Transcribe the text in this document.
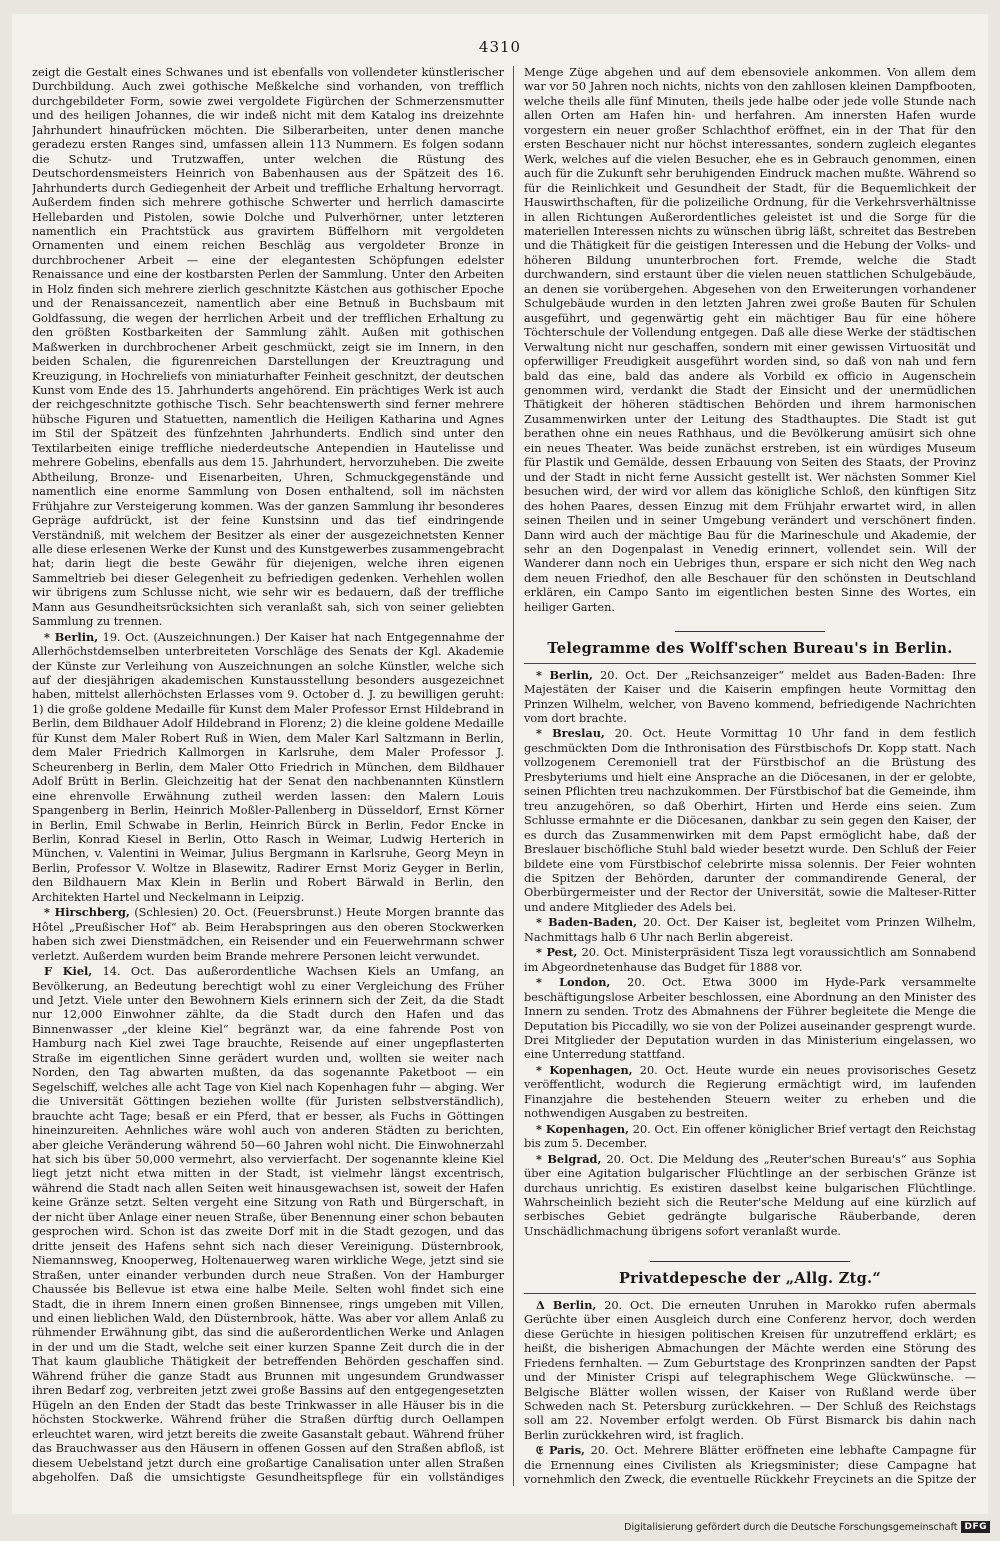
4310

zeigt die Gestalt eines Schwanes und ist ebenfalls von vollendeter künstlerischer Durchbildung. Auch zwei gothische Meßkelche sind vorhanden, von trefflich durchgebildeter Form, sowie zwei vergoldete Figürchen der Schmerzensmutter und des heiligen Johannes, die wir indeß nicht mit dem Katalog ins dreizehnte Jahrhundert hinaufrücken möchten. Die Silberarbeiten, unter denen manche geradezu ersten Ranges sind, umfassen allein 113 Nummern. Es folgen sodann die Schutz- und Trutzwaffen, unter welchen die Rüstung des Deutschordensmeisters Heinrich von Babenhausen aus der Spätzeit des 16. Jahrhunderts durch Gediegenheit der Arbeit und treffliche Erhaltung hervorragt. Außerdem finden sich mehrere gothische Schwerter und herrlich damascirte Hellebarden und Pistolen, sowie Dolche und Pulverhörner, unter letzteren namentlich ein Prachtstück aus gravirtem Büffelhorn mit vergoldeten Ornamenten und einem reichen Beschläg aus vergoldeter Bronze in durchbrochener Arbeit — eine der elegantesten Schöpfungen edelster Renaissance und eine der kostbarsten Perlen der Sammlung. Unter den Arbeiten in Holz finden sich mehrere zierlich geschnitzte Kästchen aus gothischer Epoche und der Renaissancezeit, namentlich aber eine Betnuß in Buchsbaum mit Goldfassung, die wegen der herrlichen Arbeit und der trefflichen Erhaltung zu den größten Kostbarkeiten der Sammlung zählt. Außen mit gothischen Maßwerken in durchbrochener Arbeit geschmückt, zeigt sie im Innern, in den beiden Schalen, die figurenreichen Darstellungen der Kreuztragung und Kreuzigung, in Hochreliefs von miniaturhafter Feinheit geschnitzt, der deutschen Kunst vom Ende des 15. Jahrhunderts angehörend. Ein prächtiges Werk ist auch der reichgeschnitzte gothische Tisch. Sehr beachtenswerth sind ferner mehrere hübsche Figuren und Statuetten, namentlich die Heiligen Katharina und Agnes im Stil der Spätzeit des fünfzehnten Jahrhunderts. Endlich sind unter den Textilarbeiten einige treffliche niederdeutsche Antependien in Hautelisse und mehrere Gobelins, ebenfalls aus dem 15. Jahrhundert, hervorzuheben. Die zweite Abtheilung, Bronze- und Eisenarbeiten, Uhren, Schmuckgegenstände und namentlich eine enorme Sammlung von Dosen enthaltend, soll im nächsten Frühjahre zur Versteigerung kommen. Was der ganzen Sammlung ihr besonderes Gepräge aufdrückt, ist der feine Kunstsinn und das tief eindringende Verständniß, mit welchem der Besitzer als einer der ausgezeichnetsten Kenner alle diese erlesenen Werke der Kunst und des Kunstgewerbes zusammengebracht hat; darin liegt die beste Gewähr für diejenigen, welche ihren eigenen Sammeltrieb bei dieser Gelegenheit zu befriedigen gedenken. Verhehlen wollen wir übrigens zum Schlusse nicht, wie sehr wir es bedauern, daß der treffliche Mann aus Gesundheitsrücksichten sich veranlaßt sah, sich von seiner geliebten Sammlung zu trennen.

* Berlin, 19. Oct. (Auszeichnungen.) Der Kaiser hat nach Entgegennahme der Allerhöchstdemselben unterbreiteten Vorschläge des Senats der Kgl. Akademie der Künste zur Verleihung von Auszeichnungen an solche Künstler, welche sich auf der diesjährigen akademischen Kunstausstellung besonders ausgezeichnet haben, mittelst allerhöchsten Erlasses vom 9. October d. J. zu bewilligen geruht: 1) die große goldene Medaille für Kunst dem Maler Professor Ernst Hildebrand in Berlin, dem Bildhauer Adolf Hildebrand in Florenz; 2) die kleine goldene Medaille für Kunst dem Maler Robert Ruß in Wien, dem Maler Karl Saltzmann in Berlin, dem Maler Friedrich Kallmorgen in Karlsruhe, dem Maler Professor J. Scheurenberg in Berlin, dem Maler Otto Friedrich in München, dem Bildhauer Adolf Brütt in Berlin. Gleichzeitig hat der Senat den nachbenannten Künstlern eine ehrenvolle Erwähnung zutheil werden lassen: den Malern Louis Spangenberg in Berlin, Heinrich Moßler-Pallenberg in Düsseldorf, Ernst Körner in Berlin, Emil Schwabe in Berlin, Heinrich Bürck in Berlin, Fedor Encke in Berlin, Konrad Kiesel in Berlin, Otto Rasch in Weimar, Ludwig Herterich in München, v. Valentini in Weimar, Julius Bergmann in Karlsruhe, Georg Meyn in Berlin, Professor V. Woltze in Blasewitz, Radirer Ernst Moriz Geyger in Berlin, den Bildhauern Max Klein in Berlin und Robert Bärwald in Berlin, den Architekten Hartel und Neckelmann in Leipzig.

* Hirschberg, (Schlesien) 20. Oct. (Feuersbrunst.) Heute Morgen brannte das Hôtel „Preußischer Hof“ ab. Beim Herabspringen aus den oberen Stockwerken haben sich zwei Dienstmädchen, ein Reisender und ein Feuerwehrmann schwer verletzt. Außerdem wurden beim Brande mehrere Personen leicht verwundet.

F Kiel, 14. Oct. Das außerordentliche Wachsen Kiels an Umfang, an Bevölkerung, an Bedeutung berechtigt wohl zu einer Vergleichung des Früher und Jetzt. Viele unter den Bewohnern Kiels erinnern sich der Zeit, da die Stadt nur 12,000 Einwohner zählte, da die Stadt durch den Hafen und das Binnenwasser „der kleine Kiel“ begränzt war, da eine fahrende Post von Hamburg nach Kiel zwei Tage brauchte, Reisende auf einer ungepflasterten Straße im eigentlichen Sinne gerädert wurden und, wollten sie weiter nach Norden, den Tag abwarten mußten, da das sogenannte Paketboot — ein Segelschiff, welches alle acht Tage von Kiel nach Kopenhagen fuhr — abging. Wer die Universität Göttingen beziehen wollte (für Juristen selbstverständlich), brauchte acht Tage; besaß er ein Pferd, that er besser, als Fuchs in Göttingen hineinzureiten. Aehnliches wäre wohl auch von anderen Städten zu berichten, aber gleiche Veränderung während 50—60 Jahren wohl nicht. Die Einwohnerzahl hat sich bis über 50,000 vermehrt, also vervierfacht. Der sogenannte kleine Kiel liegt jetzt nicht etwa mitten in der Stadt, ist vielmehr längst excentrisch, während die Stadt nach allen Seiten weit hinausgewachsen ist, soweit der Hafen keine Gränze setzt. Selten vergeht eine Sitzung von Rath und Bürgerschaft, in der nicht über Anlage einer neuen Straße, über Benennung einer schon bebauten gesprochen wird. Schon ist das zweite Dorf mit in die Stadt gezogen, und das dritte jenseit des Hafens sehnt sich nach dieser Vereinigung. Düsternbrook, Niemannsweg, Knooperweg, Holtenauerweg waren wirkliche Wege, jetzt sind sie Straßen, unter einander verbunden durch neue Straßen. Von der Hamburger Chaussée bis Bellevue ist etwa eine halbe Meile. Selten wohl findet sich eine Stadt, die in ihrem Innern einen großen Binnensee, rings umgeben mit Villen, und einen lieblichen Wald, den Düsternbrook, hätte. Was aber vor allem Anlaß zu rühmender Erwähnung gibt, das sind die außerordentlichen Werke und Anlagen in der und um die Stadt, welche seit einer kurzen Spanne Zeit durch die in der That kaum glaubliche Thätigkeit der betreffenden Behörden geschaffen sind. Während früher die ganze Stadt aus Brunnen mit ungesundem Grundwasser ihren Bedarf zog, verbreiten jetzt zwei große Bassins auf den entgegengesetzten Hügeln an den Enden der Stadt das beste Trinkwasser in alle Häuser bis in die höchsten Stockwerke. Während früher die Straßen dürftig durch Oellampen erleuchtet waren, wird jetzt bereits die zweite Gasanstalt gebaut. Während früher das Brauchwasser aus den Häusern in offenen Gossen auf den Straßen abfloß, ist diesem Uebelstand jetzt durch eine großartige Canalisation unter allen Straßen abgeholfen. Daß die umsichtigste Gesundheitspflege für ein vollständiges

Menge Züge abgehen und auf dem ebensoviele ankommen. Von allem dem war vor 50 Jahren noch nichts, nichts von den zahllosen kleinen Dampfbooten, welche theils alle fünf Minuten, theils jede halbe oder jede volle Stunde nach allen Orten am Hafen hin- und herfahren. Am innersten Hafen wurde vorgestern ein neuer großer Schlachthof eröffnet, ein in der That für den ersten Beschauer nicht nur höchst interessantes, sondern zugleich elegantes Werk, welches auf die vielen Besucher, ehe es in Gebrauch genommen, einen auch für die Zukunft sehr beruhigenden Eindruck machen mußte. Während so für die Reinlichkeit und Gesundheit der Stadt, für die Bequemlichkeit der Hauswirthschaften, für die polizeiliche Ordnung, für die Verkehrsverhältnisse in allen Richtungen Außerordentliches geleistet ist und die Sorge für die materiellen Interessen nichts zu wünschen übrig läßt, schreitet das Bestreben und die Thätigkeit für die geistigen Interessen und die Hebung der Volks- und höheren Bildung ununterbrochen fort. Fremde, welche die Stadt durchwandern, sind erstaunt über die vielen neuen stattlichen Schulgebäude, an denen sie vorübergehen. Abgesehen von den Erweiterungen vorhandener Schulgebäude wurden in den letzten Jahren zwei große Bauten für Schulen ausgeführt, und gegenwärtig geht ein mächtiger Bau für eine höhere Töchterschule der Vollendung entgegen. Daß alle diese Werke der städtischen Verwaltung nicht nur geschaffen, sondern mit einer gewissen Virtuosität und opferwilliger Freudigkeit ausgeführt worden sind, so daß von nah und fern bald das eine, bald das andere als Vorbild ex officio in Augenschein genommen wird, verdankt die Stadt der Einsicht und der unermüdlichen Thätigkeit der höheren städtischen Behörden und ihrem harmonischen Zusammenwirken unter der Leitung des Stadthauptes. Die Stadt ist gut berathen ohne ein neues Rathhaus, und die Bevölkerung amüsirt sich ohne ein neues Theater. Was beide zunächst erstreben, ist ein würdiges Museum für Plastik und Gemälde, dessen Erbauung von Seiten des Staats, der Provinz und der Stadt in nicht ferne Aussicht gestellt ist. Wer nächsten Sommer Kiel besuchen wird, der wird vor allem das königliche Schloß, den künftigen Sitz des hohen Paares, dessen Einzug mit dem Frühjahr erwartet wird, in allen seinen Theilen und in seiner Umgebung verändert und verschönert finden. Dann wird auch der mächtige Bau für die Marineschule und Akademie, der sehr an den Dogenpalast in Venedig erinnert, vollendet sein. Will der Wanderer dann noch ein Uebriges thun, erspare er sich nicht den Weg nach dem neuen Friedhof, den alle Beschauer für den schönsten in Deutschland erklären, ein Campo Santo im eigentlichen besten Sinne des Wortes, ein heiliger Garten.

Telegramme des Wolff'schen Bureau's in Berlin.

* Berlin, 20. Oct. Der „Reichsanzeiger“ meldet aus Baden-Baden: Ihre Majestäten der Kaiser und die Kaiserin empfingen heute Vormittag den Prinzen Wilhelm, welcher, von Baveno kommend, befriedigende Nachrichten vom dort brachte.

* Breslau, 20. Oct. Heute Vormittag 10 Uhr fand in dem festlich geschmückten Dom die Inthronisation des Fürstbischofs Dr. Kopp statt. Nach vollzogenem Ceremoniell trat der Fürstbischof an die Brüstung des Presbyteriums und hielt eine Ansprache an die Diöcesanen, in der er gelobte, seinen Pflichten treu nachzukommen. Der Fürstbischof bat die Gemeinde, ihm treu anzugehören, so daß Oberhirt, Hirten und Herde eins seien. Zum Schlusse ermahnte er die Diöcesanen, dankbar zu sein gegen den Kaiser, der es durch das Zusammenwirken mit dem Papst ermöglicht habe, daß der Breslauer bischöfliche Stuhl bald wieder besetzt wurde. Den Schluß der Feier bildete eine vom Fürstbischof celebrirte missa solennis. Der Feier wohnten die Spitzen der Behörden, darunter der commandirende General, der Oberbürgermeister und der Rector der Universität, sowie die Malteser-Ritter und andere Mitglieder des Adels bei.

* Baden-Baden, 20. Oct. Der Kaiser ist, begleitet vom Prinzen Wilhelm, Nachmittags halb 6 Uhr nach Berlin abgereist.

* Pest, 20. Oct. Ministerpräsident Tisza legt voraussichtlich am Sonnabend im Abgeordnetenhause das Budget für 1888 vor.

* London, 20. Oct. Etwa 3000 im Hyde-Park versammelte beschäftigungslose Arbeiter beschlossen, eine Abordnung an den Minister des Innern zu senden. Trotz des Abmahnens der Führer begleitete die Menge die Deputation bis Piccadilly, wo sie von der Polizei auseinander gesprengt wurde. Drei Mitglieder der Deputation wurden in das Ministerium eingelassen, wo eine Unterredung stattfand.

* Kopenhagen, 20. Oct. Heute wurde ein neues provisorisches Gesetz veröffentlicht, wodurch die Regierung ermächtigt wird, im laufenden Finanzjahre die bestehenden Steuern weiter zu erheben und die nothwendigen Ausgaben zu bestreiten.

* Kopenhagen, 20. Oct. Ein offener königlicher Brief vertagt den Reichstag bis zum 5. December.

* Belgrad, 20. Oct. Die Meldung des „Reuter'schen Bureau's“ aus Sophia über eine Agitation bulgarischer Flüchtlinge an der serbischen Gränze ist durchaus unrichtig. Es existiren daselbst keine bulgarischen Flüchtlinge. Wahrscheinlich bezieht sich die Reuter'sche Meldung auf eine kürzlich auf serbisches Gebiet gedrängte bulgarische Räuberbande, deren Unschädlichmachung übrigens sofort veranlaßt wurde.

Privatdepesche der „Allg. Ztg.“

Δ Berlin, 20. Oct. Die erneuten Unruhen in Marokko rufen abermals Gerüchte über einen Ausgleich durch eine Conferenz hervor, doch werden diese Gerüchte in hiesigen politischen Kreisen für unzutreffend erklärt; es heißt, die bisherigen Abmachungen der Mächte werden eine Störung des Friedens fernhalten. — Zum Geburtstage des Kronprinzen sandten der Papst und der Minister Crispi auf telegraphischem Wege Glückwünsche. — Belgische Blätter wollen wissen, der Kaiser von Rußland werde über Schweden nach St. Petersburg zurückkehren. — Der Schluß des Reichstags soll am 22. November erfolgt werden. Ob Fürst Bismarck bis dahin nach Berlin zurückkehren wird, ist fraglich.

𝔈 Paris, 20. Oct. Mehrere Blätter eröffneten eine lebhafte Campagne für die Ernennung eines Civilisten als Kriegsminister; diese Campagne hat vornehmlich den Zweck, die eventuelle Rückkehr Freycinets an die Spitze der

Digitalisierung gefördert durch die Deutsche Forschungsgemeinschaft DFG
